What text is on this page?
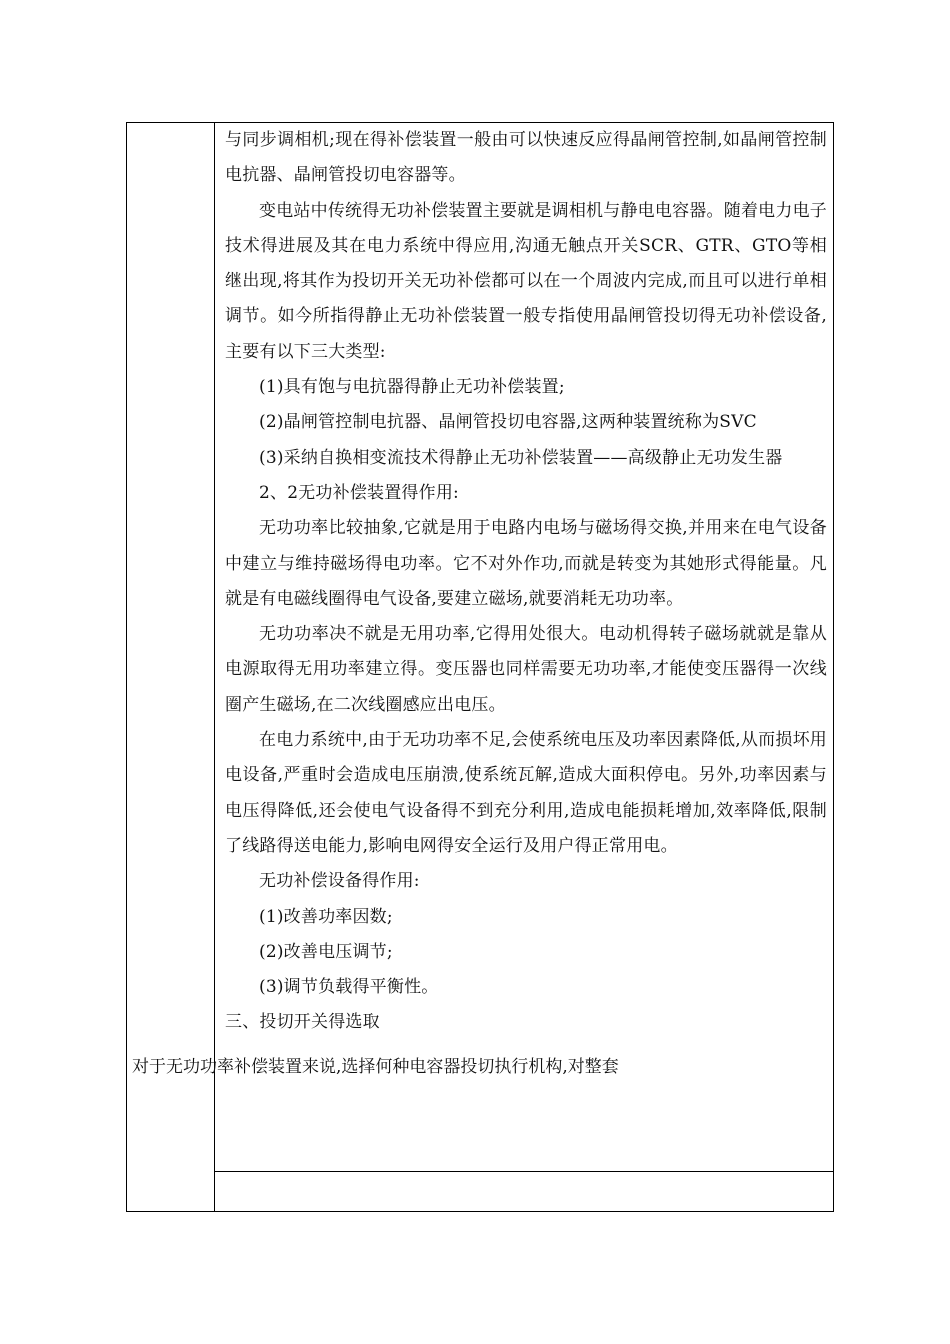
与同步调相机;现在得补偿装置一般由可以快速反应得晶闸管控制,如晶闸管控制电抗器、晶闸管投切电容器等。

变电站中传统得无功补偿装置主要就是调相机与静电电容器。随着电力电子技术得进展及其在电力系统中得应用,沟通无触点开关SCR、GTR、GTO等相继出现,将其作为投切开关无功补偿都可以在一个周波内完成,而且可以进行单相调节。如今所指得静止无功补偿装置一般专指使用晶闸管投切得无功补偿设备,主要有以下三大类型:

(1)具有饱与电抗器得静止无功补偿装置;

(2)晶闸管控制电抗器、晶闸管投切电容器,这两种装置统称为SVC

(3)采纳自换相变流技术得静止无功补偿装置——高级静止无功发生器

2、2无功补偿装置得作用:

无功功率比较抽象,它就是用于电路内电场与磁场得交换,并用来在电气设备中建立与维持磁场得电功率。它不对外作功,而就是转变为其她形式得能量。凡就是有电磁线圈得电气设备,要建立磁场,就要消耗无功功率。

无功功率决不就是无用功率,它得用处很大。电动机得转子磁场就就是靠从电源取得无用功率建立得。变压器也同样需要无功功率,才能使变压器得一次线圈产生磁场,在二次线圈感应出电压。

在电力系统中,由于无功功率不足,会使系统电压及功率因素降低,从而损坏用电设备,严重时会造成电压崩溃,使系统瓦解,造成大面积停电。另外,功率因素与电压得降低,还会使电气设备得不到充分利用,造成电能损耗增加,效率降低,限制了线路得送电能力,影响电网得安全运行及用户得正常用电。

无功补偿设备得作用:

(1)改善功率因数;

(2)改善电压调节;

(3)调节负载得平衡性。

三、投切开关得选取

对于无功功率补偿装置来说,选择何种电容器投切执行机构,对整套
